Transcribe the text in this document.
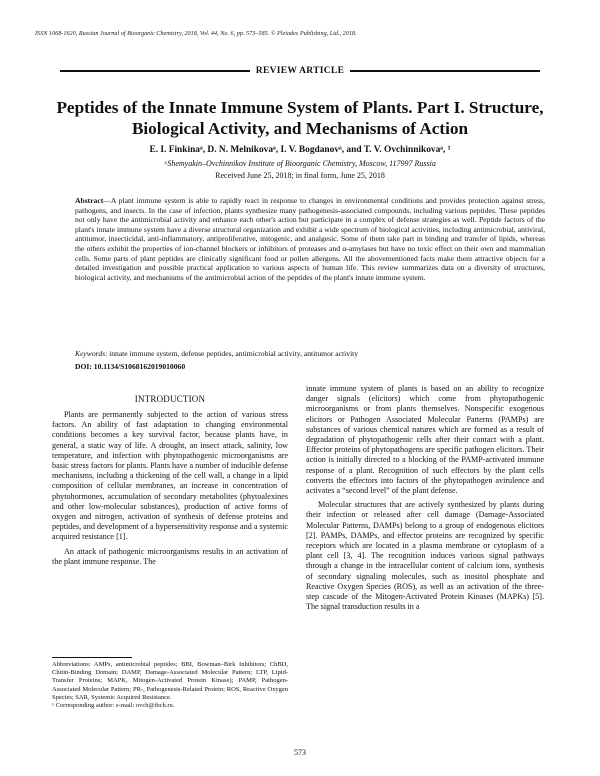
ISSN 1068-1620, Russian Journal of Bioorganic Chemistry, 2018, Vol. 44, No. 6, pp. 573–585. © Pleiades Publishing, Ltd., 2018.
REVIEW ARTICLE
Peptides of the Innate Immune System of Plants. Part I. Structure,
Biological Activity, and Mechanisms of Action
E. I. Finkinaᵃ, D. N. Melnikovaᵃ, I. V. Bogdanovᵃ, and T. V. Ovchinnikovaᵃ, ¹
ᵃShemyakin–Ovchinnikov Institute of Bioorganic Chemistry, Moscow, 117997 Russia
Received June 25, 2018; in final form, June 25, 2018
Abstract—A plant immune system is able to rapidly react in response to changes in environmental conditions and provides protection against stress, pathogens, and insects. In the case of infection, plants synthesize many pathogenesis-associated compounds, including various peptides. These peptides not only have the antimicrobial activity and enhance each other's action but participate in a complex of defense strategies as well. Peptide factors of the plant's innate immune system have a diverse structural organization and exhibit a wide spectrum of biological activities, including antimicrobial, antiviral, antitumor, insecticidal, anti-inflammatory, antiproliferative, mitogenic, and analgesic. Some of them take part in binding and transfer of lipids, whereas the others exhibit the properties of ion-channel blockers or inhibitors of proteases and α-amylases but have no toxic effect on their own and mammalian cells. Some parts of plant peptides are clinically significant food or pollen allergens. All the abovementioned facts make them attractive objects for a detailed investigation and possible practical application to various aspects of human life. This review summarizes data on a diversity of structures, biological activity, and mechanisms of the antimicrobial action of the peptides of the plant's innate immune system.
Keywords: innate immune system, defense peptides, antimicrobial activity, antitumor activity
DOI: 10.1134/S1068162019010060
INTRODUCTION

Plants are permanently subjected to the action of various stress factors. An ability of fast adaptation to changing environmental conditions becomes a key survival factor, because plants have, in general, a static way of life. A drought, an insect attack, salinity, low temperature, and infection with phytopathogenic microorganisms are basic stress factors for plants. Plants have a number of inducible defense mechanisms, including a thickening of the cell wall, a change in a lipid composition of cellular membranes, an increase in concentration of phytohormones, accumulation of secondary metabolites (phytoalexines and other low-molecular substances), production of active forms of oxygen and nitrogen, activation of synthesis of defense proteins and peptides, and development of a hypersensitivity response and a systemic acquired resistance [1].

An attack of pathogenic microorganisms results in an activation of the plant immune response. The

innate immune system of plants is based on an ability to recognize danger signals (elicitors) which come from phytopathogenic microorganisms or from plants themselves. Nonspecific exogenous elicitors or Pathogen Associated Molecular Patterns (PAMPs) are substances of various chemical natures which are formed as a result of degradation of phytopathogenic cells after their contact with a plant. Effector proteins of phytopathogens are specific pathogen elicitors. Their action is initially directed to a blocking of the PAMP-activated immune response of a plant. Recognition of such effectors by the plant cells converts the effectors into factors of the phytopathogen avirulence and activates a “second level” of the plant defense.

Molecular structures that are actively synthesized by plants during their infection or released after cell damage (Damage-Associated Molecular Patterns, DAMPs) belong to a group of endogenous elicitors [2]. PAMPs, DAMPs, and effector proteins are recognized by specific receptors which are located in a plasma membrane or cytoplasm of a plant cell [3, 4]. The recognition induces various signal pathways through a change in the intracellular content of calcium ions, synthesis of secondary signaling molecules, such as inositol phosphate and Reactive Oxygen Species (ROS), as well as an activation of the three-step cascade of the Mitogen-Activated Protein Kinases (MAPKs) [5]. The signal transduction results in a

Abbreviations: AMPs, antimicrobial peptides; BBI, Bowman–Birk Inhibitors; ChBD, Chitin-Binding Domain; DAMP, Damage-Associated Molecular Pattern; LTP, Lipid-Transfer Proteins; MAPK, Mitogen-Activated Protein Kinase); PAMP, Pathogen-Associated Molecular Pattern; PR-, Pathogenesis-Related Protein; ROS, Reactive Oxygen Species; SAR, Systemic Acquired Resistance.

¹ Corresponding author: e-mail: ovch@ibch.ru.

573
